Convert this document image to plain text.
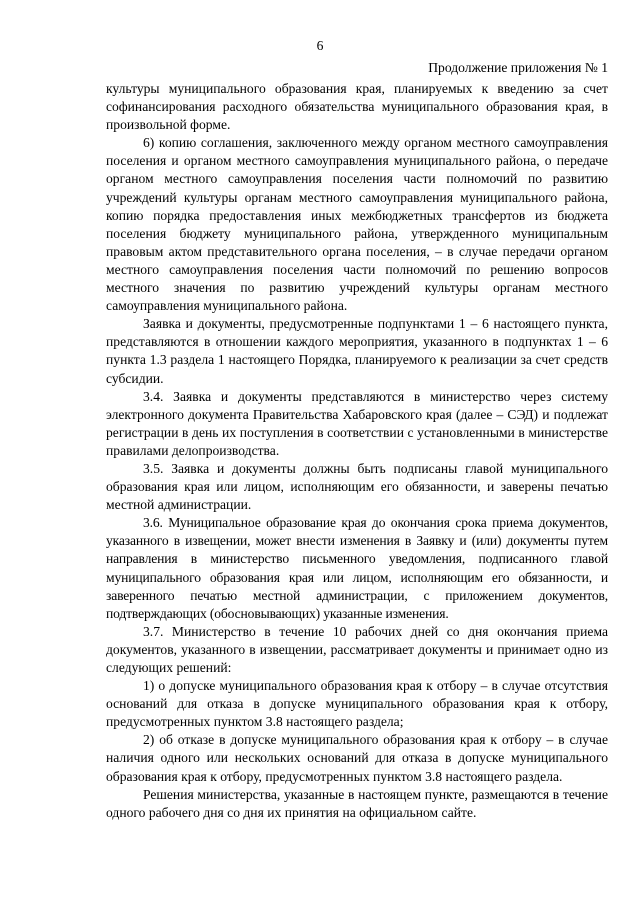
6
Продолжение приложения № 1

культуры муниципального образования края, планируемых к введению за счет софинансирования расходного обязательства муниципального образования края, в произвольной форме.

6) копию соглашения, заключенного между органом местного самоуправления поселения и органом местного самоуправления муниципального района, о передаче органом местного самоуправления поселения части полномочий по развитию учреждений культуры органам местного самоуправления муниципального района, копию порядка предоставления иных межбюджетных трансфертов из бюджета поселения бюджету муниципального района, утвержденного муниципальным правовым актом представительного органа поселения, – в случае передачи органом местного самоуправления поселения части полномочий по решению вопросов местного значения по развитию учреждений культуры органам местного самоуправления муниципального района.

Заявка и документы, предусмотренные подпунктами 1 – 6 настоящего пункта, представляются в отношении каждого мероприятия, указанного в подпунктах 1 – 6 пункта 1.3 раздела 1 настоящего Порядка, планируемого к реализации за счет средств субсидии.

3.4. Заявка и документы представляются в министерство через систему электронного документа Правительства Хабаровского края (далее – СЭД) и подлежат регистрации в день их поступления в соответствии с установленными в министерстве правилами делопроизводства.

3.5. Заявка и документы должны быть подписаны главой муниципального образования края или лицом, исполняющим его обязанности, и заверены печатью местной администрации.

3.6. Муниципальное образование края до окончания срока приема документов, указанного в извещении, может внести изменения в Заявку и (или) документы путем направления в министерство письменного уведомления, подписанного главой муниципального образования края или лицом, исполняющим его обязанности, и заверенного печатью местной администрации, с приложением документов, подтверждающих (обосновывающих) указанные изменения.

3.7. Министерство в течение 10 рабочих дней со дня окончания приема документов, указанного в извещении, рассматривает документы и принимает одно из следующих решений:

1) о допуске муниципального образования края к отбору – в случае отсутствия оснований для отказа в допуске муниципального образования края к отбору, предусмотренных пунктом 3.8 настоящего раздела;

2) об отказе в допуске муниципального образования края к отбору – в случае наличия одного или нескольких оснований для отказа в допуске муниципального образования края к отбору, предусмотренных пунктом 3.8 настоящего раздела.

Решения министерства, указанные в настоящем пункте, размещаются в течение одного рабочего дня со дня их принятия на официальном сайте.
